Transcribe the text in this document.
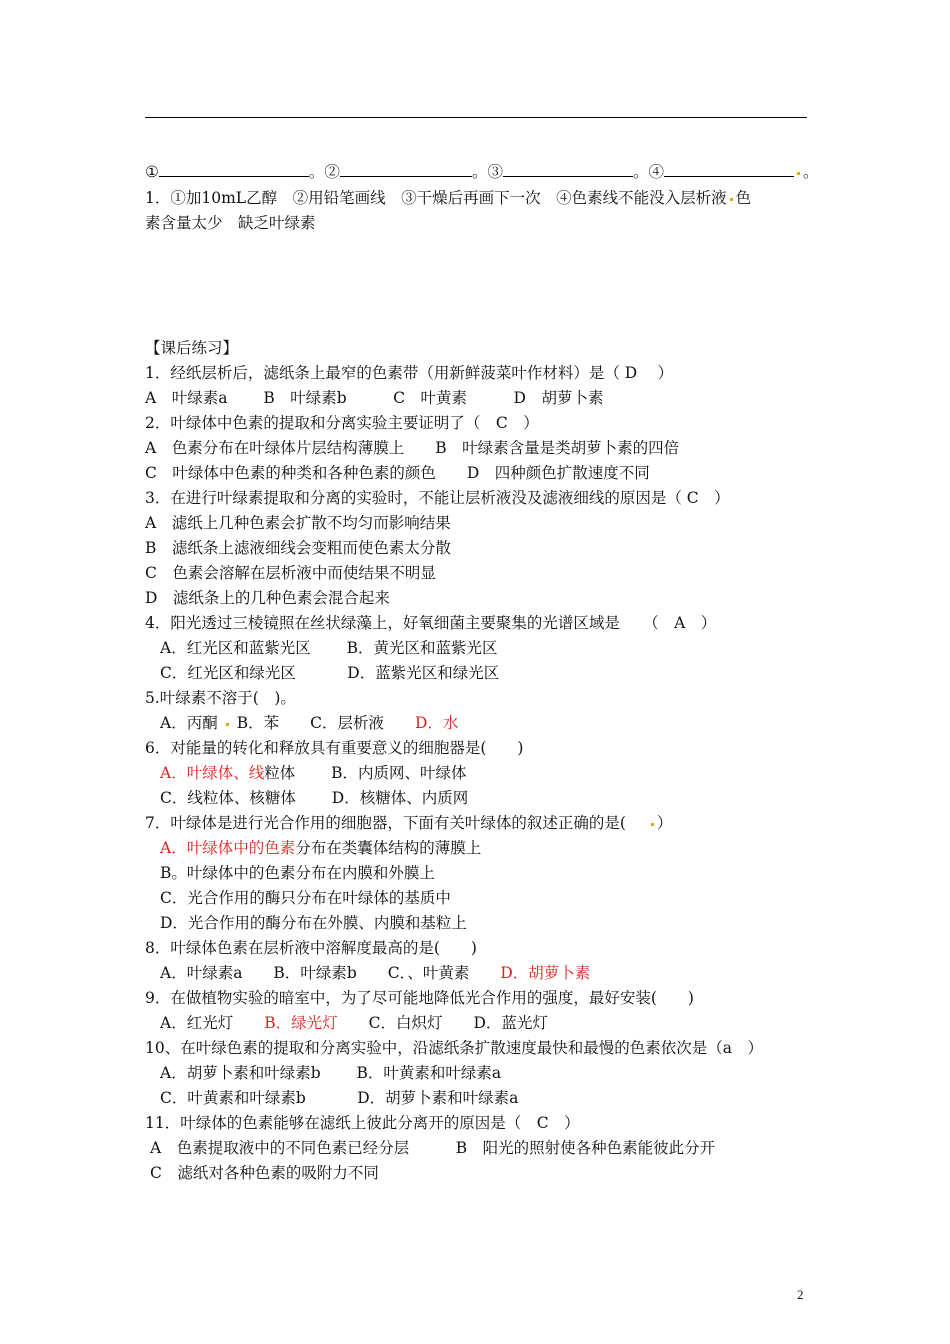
①	。②	。③	。④	。
1．①加10mL乙醇　②用铅笔画线　③干燥后再画下一次　④色素线不能没入层析液 色
素含量太少　缺乏叶绿素
【课后练习】
1．经纸层析后，滤纸条上最窄的色素带（用新鲜菠菜叶作材料）是（ D　 ）
A　叶绿素a　　 B　叶绿素b　　　C　叶黄素　　　D　胡萝卜素
2．叶绿体中色素的提取和分离实验主要证明了（　C　）
A　色素分布在叶绿体片层结构薄膜上　　B　叶绿素含量是类胡萝卜素的四倍
C　叶绿体中色素的种类和各种色素的颜色　　D　四种颜色扩散速度不同
3．在进行叶绿素提取和分离的实验时，不能让层析液没及滤液细线的原因是（ C　）
A　滤纸上几种色素会扩散不均匀而影响结果
B　滤纸条上滤液细线会变粗而使色素太分散
C　色素会溶解在层析液中而使结果不明显
D　滤纸条上的几种色素会混合起来
4．阳光透过三棱镜照在丝状绿藻上，好氧细菌主要聚集的光谱区域是　　（　A　）
A．红光区和蓝紫光区　　 B．黄光区和蓝紫光区
C．红光区和绿光区　　　 D．蓝紫光区和绿光区
5.叶绿素不溶于(　)。
A．丙酮 B．苯　　C．层析液　　D．水
6．对能量的转化和释放具有重要意义的细胞器是(　　)
A．叶绿体、线粒体　　 B．内质网、叶绿体
C．线粒体、核糖体　　 D．核糖体、内质网
7．叶绿体是进行光合作用的细胞器，下面有关叶绿体的叙述正确的是( ）
A．叶绿体中的色素分布在类囊体结构的薄膜上
B。叶绿体中的色素分布在内膜和外膜上
C．光合作用的酶只分布在叶绿体的基质中
D．光合作用的酶分布在外膜、内膜和基粒上
8．叶绿体色素在层析液中溶解度最高的是(　　)
A．叶绿素a　　B．叶绿素b　　C．、叶黄素　　D．胡萝卜素
9．在做植物实验的暗室中，为了尽可能地降低光合作用的强度，最好安装(　　)
A．红光灯　　B．绿光灯　　C．白炽灯　　D．蓝光灯
10、在叶绿色素的提取和分离实验中，沿滤纸条扩散速度最快和最慢的色素依次是（a　）
A．胡萝卜素和叶绿素b　　 B．叶黄素和叶绿素a
C．叶黄素和叶绿素b　　　 D．胡萝卜素和叶绿素a
11．叶绿体的色素能够在滤纸上彼此分离开的原因是（　C　）
A　色素提取液中的不同色素已经分层　　　B　阳光的照射使各种色素能彼此分开
C　滤纸对各种色素的吸附力不同
2
